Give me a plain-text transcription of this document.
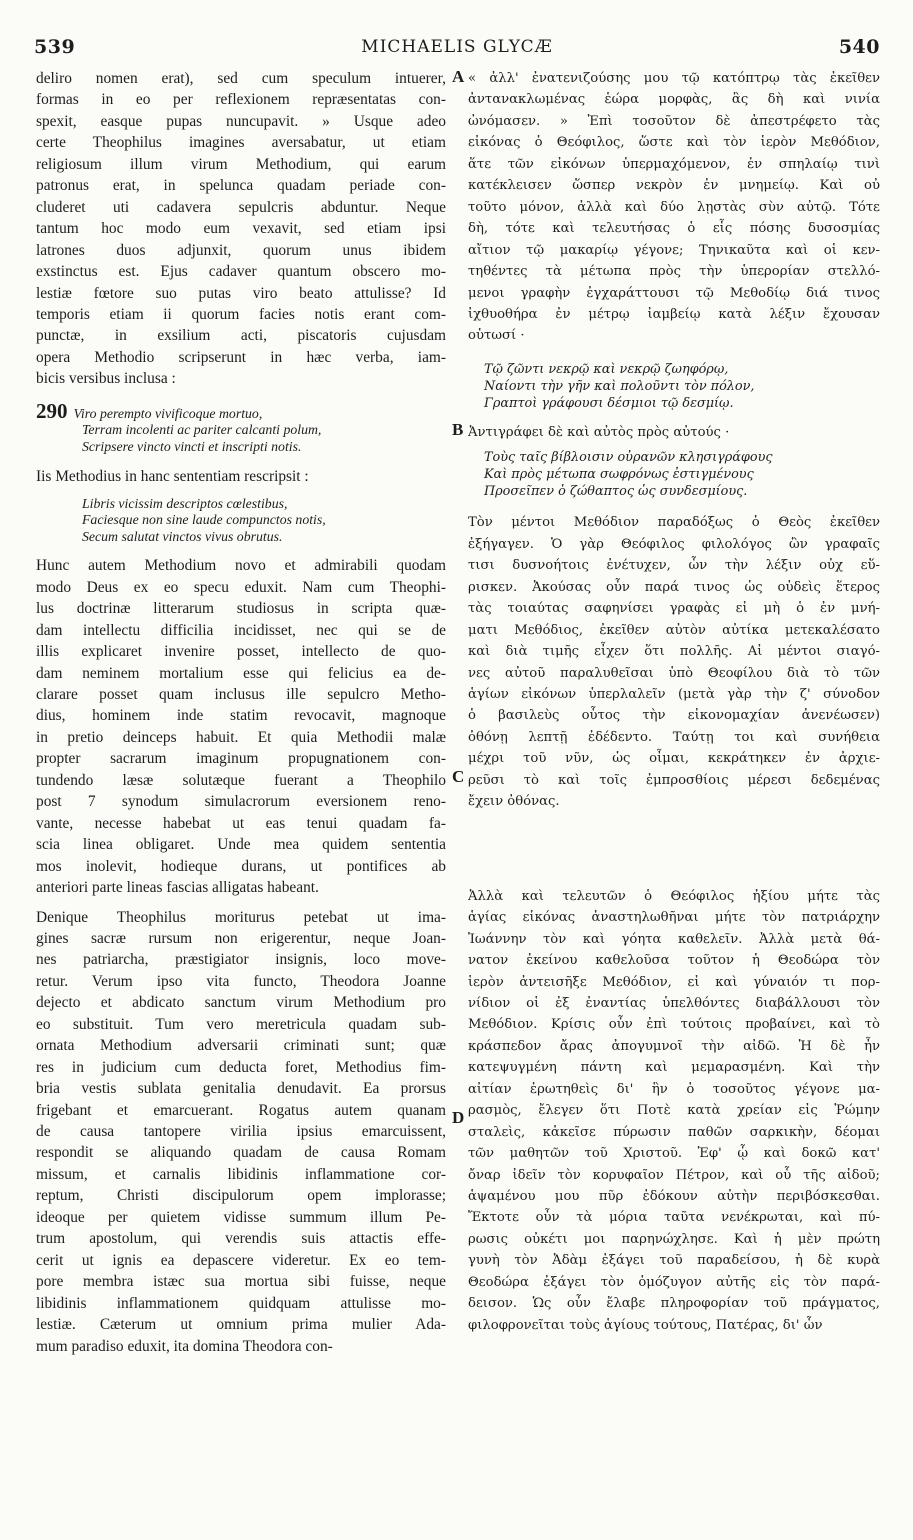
539	MICHAELIS GLYCÆ	540
A
B
C
D
deliro nomen erat), sed cum speculum intuerer,
formas in eo per reflexionem repræsentatas con-
spexit, easque pupas nuncupavit. » Usque adeo
certe Theophilus imagines aversabatur, ut etiam
religiosum illum virum Methodium, qui earum
patronus erat, in spelunca quadam periade con-
cluderet uti cadavera sepulcris abduntur. Neque
tantum hoc modo eum vexavit, sed etiam ipsi
latrones duos adjunxit, quorum unus ibidem
exstinctus est. Ejus cadaver quantum obscero mo-
lestiæ fœtore suo putas viro beato attulisse? Id
temporis etiam ii quorum facies notis erant com-
punctæ, in exsilium acti, piscatoris cujusdam
opera Methodio scripserunt in hæc verba, iam-
bicis versibus inclusa :
290 Viro perempto vivificoque mortuo,
Terram incolenti ac pariter calcanti polum,
Scripsere vincto vincti et inscripti notis.
Iis Methodius in hanc sententiam rescripsit :
Libris vicissim descriptos cœlestibus,
Faciesque non sine laude compunctos notis,
Secum salutat vinctos vivus obrutus.
Hunc autem Methodium novo et admirabili quodam
modo Deus ex eo specu eduxit. Nam cum Theophi-
lus doctrinæ litterarum studiosus in scripta quæ-
dam intellectu difficilia incidisset, nec qui se de
illis explicaret invenire posset, intellecto de quo-
dam neminem mortalium esse qui felicius ea de-
clarare posset quam inclusus ille sepulcro Metho-
dius, hominem inde statim revocavit, magnoque
in pretio deinceps habuit. Et quia Methodii malæ
propter sacrarum imaginum propugnationem con-
tundendo læsæ solutæque fuerant a Theophilo
post 7 synodum simulacrorum eversionem reno-
vante, necesse habebat ut eas tenui quadam fa-
scia linea obligaret. Unde mea quidem sententia
mos inolevit, hodieque durans, ut pontifices ab
anteriori parte lineas fascias alligatas habeant.
Denique Theophilus moriturus petebat ut ima-
gines sacræ rursum non erigerentur, neque Joan-
nes patriarcha, præstigiator insignis, loco move-
retur. Verum ipso vita functo, Theodora Joanne
dejecto et abdicato sanctum virum Methodium pro
eo substituit. Tum vero meretricula quadam sub-
ornata Methodium adversarii criminati sunt; quæ
res in judicium cum deducta foret, Methodius fim-
bria vestis sublata genitalia denudavit. Ea prorsus
frigebant et emarcuerant. Rogatus autem quanam
de causa tantopere virilia ipsius emarcuissent,
respondit se aliquando quadam de causa Romam
missum, et carnalis libidinis inflammatione cor-
reptum, Christi discipulorum opem implorasse;
ideoque per quietem vidisse summum illum Pe-
trum apostolum, qui verendis suis attactis effe-
cerit ut ignis ea depascere videretur. Ex eo tem-
pore membra istæc sua mortua sibi fuisse, neque
libidinis inflammationem quidquam attulisse mo-
lestiæ. Cæterum ut omnium prima mulier Ada-
mum paradiso eduxit, ita domina Theodora con-
« ἀλλ' ἐνατενιζούσης μου τῷ κατόπτρῳ τὰς ἐκεῖθεν
ἀντανακλωμένας ἑώρα μορφὰς, ἃς δὴ καὶ νινία
ὠνόμασεν. » Ἐπὶ τοσοῦτον δὲ ἀπεστρέφετο τὰς
εἰκόνας ὁ Θεόφιλος, ὥστε καὶ τὸν ἱερὸν Μεθόδιον,
ἅτε τῶν εἰκόνων ὑπερμαχόμενον, ἐν σπηλαίῳ τινὶ
κατέκλεισεν ὥσπερ νεκρὸν ἐν μνημείῳ. Καὶ οὐ
τοῦτο μόνον, ἀλλὰ καὶ δύο λῃστὰς σὺν αὐτῷ. Τότε
δὴ, τότε καὶ τελευτήσας ὁ εἷς πόσης δυσοσμίας
αἴτιον τῷ μακαρίῳ γέγονε; Τηνικαῦτα καὶ οἱ κεν-
τηθέντες τὰ μέτωπα πρὸς τὴν ὑπερορίαν στελλό-
μενοι γραφὴν ἐγχαράττουσι τῷ Μεθοδίῳ διά τινος
ἰχθυοθήρα ἐν μέτρῳ ἰαμβείῳ κατὰ λέξιν ἔχουσαν
οὑτωσί ·
Τῷ ζῶντι νεκρῷ καὶ νεκρῷ ζωηφόρῳ,
Ναίοντι τὴν γῆν καὶ πολοῦντι τὸν πόλον,
Γραπτοὶ γράφουσι δέσμιοι τῷ δεσμίῳ.
Ἀντιγράφει δὲ καὶ αὐτὸς πρὸς αὐτούς ·
Τοὺς ταῖς βίβλοισιν οὐρανῶν κλησιγράφους
Καὶ πρὸς μέτωπα σωφρόνως ἐστιγμένους
Προσεῖπεν ὁ ζώθαπτος ὡς συνδεσμίους.
Τὸν μέντοι Μεθόδιον παραδόξως ὁ Θεὸς ἐκεῖθεν
ἐξήγαγεν. Ὁ γὰρ Θεόφιλος φιλολόγος ὢν γραφαῖς
τισι δυσνοήτοις ἐνέτυχεν, ὧν τὴν λέξιν οὐχ εὕ-
ρισκεν. Ἀκούσας οὖν παρά τινος ὡς οὐδεὶς ἕτερος
τὰς τοιαύτας σαφηνίσει γραφὰς εἰ μὴ ὁ ἐν μνή-
ματι Μεθόδιος, ἐκεῖθεν αὐτὸν αὐτίκα μετεκαλέσατο
καὶ διὰ τιμῆς εἶχεν ὅτι πολλῆς. Αἱ μέντοι σιαγό-
νες αὐτοῦ παραλυθεῖσαι ὑπὸ Θεοφίλου διὰ τὸ τῶν
ἁγίων εἰκόνων ὑπερλαλεῖν (μετὰ γὰρ τὴν ζ' σύνοδον
ὁ βασιλεὺς οὗτος τὴν εἰκονομαχίαν ἀνενέωσεν)
ὀθόνῃ λεπτῇ ἐδέδεντο. Ταύτῃ τοι καὶ συνήθεια
μέχρι τοῦ νῦν, ὡς οἶμαι, κεκράτηκεν ἐν ἀρχιε-
ρεῦσι τὸ καὶ τοῖς ἐμπροσθίοις μέρεσι δεδεμένας
ἔχειν ὀθόνας.
Ἀλλὰ καὶ τελευτῶν ὁ Θεόφιλος ἠξίου μήτε τὰς
ἁγίας εἰκόνας ἀναστηλωθῆναι μήτε τὸν πατριάρχην
Ἰωάννην τὸν καὶ γόητα καθελεῖν. Ἀλλὰ μετὰ θά-
νατον ἐκείνου καθελοῦσα τοῦτον ἡ Θεοδώρα τὸν
ἱερὸν ἀντεισῆξε Μεθόδιον, εἰ καὶ γύναιόν τι πορ-
νίδιον οἱ ἐξ ἐναντίας ὑπελθόντες διαβάλλουσι τὸν
Μεθόδιον. Κρίσις οὖν ἐπὶ τούτοις προβαίνει, καὶ τὸ
κράσπεδον ἄρας ἀπογυμνοῖ τὴν αἰδῶ. Ἡ δὲ ἦν
κατεψυγμένη πάντη καὶ μεμαρασμένη. Καὶ τὴν
αἰτίαν ἐρωτηθεὶς δι' ἣν ὁ τοσοῦτος γέγονε μα-
ρασμὸς, ἔλεγεν ὅτι Ποτὲ κατὰ χρείαν εἰς Ῥώμην
σταλεὶς, κἀκεῖσε πύρωσιν παθῶν σαρκικὴν, δέομαι
τῶν μαθητῶν τοῦ Χριστοῦ. Ἐφ' ᾧ καὶ δοκῶ κατ'
ὄναρ ἰδεῖν τὸν κορυφαῖον Πέτρον, καὶ οὗ τῆς αἰδοῦ;
ἁψαμένου μου πῦρ ἐδόκουν αὐτὴν περιβόσκεσθαι.
Ἔκτοτε οὖν τὰ μόρια ταῦτα νενέκρωται, καὶ πύ-
ρωσις οὐκέτι μοι παρηνώχλησε. Καὶ ἡ μὲν πρώτη
γυνὴ τὸν Ἀδὰμ ἐξάγει τοῦ παραδείσου, ἡ δὲ κυρὰ
Θεοδώρα ἐξάγει τὸν ὁμόζυγον αὐτῆς εἰς τὸν παρά-
δεισον. Ὡς οὖν ἔλαβε πληροφορίαν τοῦ πράγματος,
φιλοφρονεῖται τοὺς ἁγίους τούτους, Πατέρας, δι' ὧν
